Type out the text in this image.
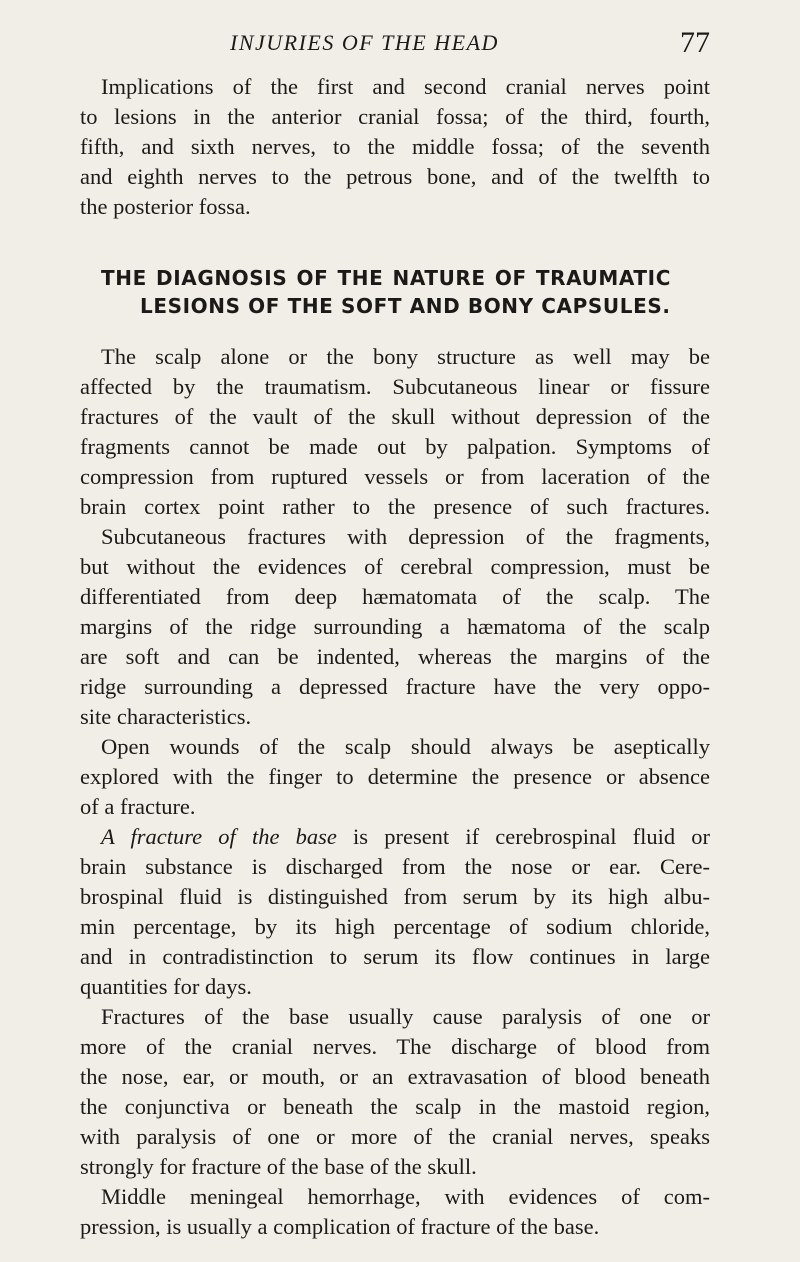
INJURIES OF THE HEAD	77
Implications of the first and second cranial nerves point
to lesions in the anterior cranial fossa; of the third, fourth,
fifth, and sixth nerves, to the middle fossa; of the seventh
and eighth nerves to the petrous bone, and of the twelfth to
the posterior fossa.
THE DIAGNOSIS OF THE NATURE OF TRAUMATIC
LESIONS OF THE SOFT AND BONY CAPSULES.
The scalp alone or the bony structure as well may be
affected by the traumatism. Subcutaneous linear or fissure
fractures of the vault of the skull without depression of the
fragments cannot be made out by palpation. Symptoms of
compression from ruptured vessels or from laceration of the
brain cortex point rather to the presence of such fractures.
Subcutaneous fractures with depression of the fragments,
but without the evidences of cerebral compression, must be
differentiated from deep hæmatomata of the scalp. The
margins of the ridge surrounding a hæmatoma of the scalp
are soft and can be indented, whereas the margins of the
ridge surrounding a depressed fracture have the very oppo-
site characteristics.
Open wounds of the scalp should always be aseptically
explored with the finger to determine the presence or absence
of a fracture.
A fracture of the base is present if cerebrospinal fluid or
brain substance is discharged from the nose or ear. Cere-
brospinal fluid is distinguished from serum by its high albu-
min percentage, by its high percentage of sodium chloride,
and in contradistinction to serum its flow continues in large
quantities for days.
Fractures of the base usually cause paralysis of one or
more of the cranial nerves. The discharge of blood from
the nose, ear, or mouth, or an extravasation of blood beneath
the conjunctiva or beneath the scalp in the mastoid region,
with paralysis of one or more of the cranial nerves, speaks
strongly for fracture of the base of the skull.
Middle meningeal hemorrhage, with evidences of com-
pression, is usually a complication of fracture of the base.
